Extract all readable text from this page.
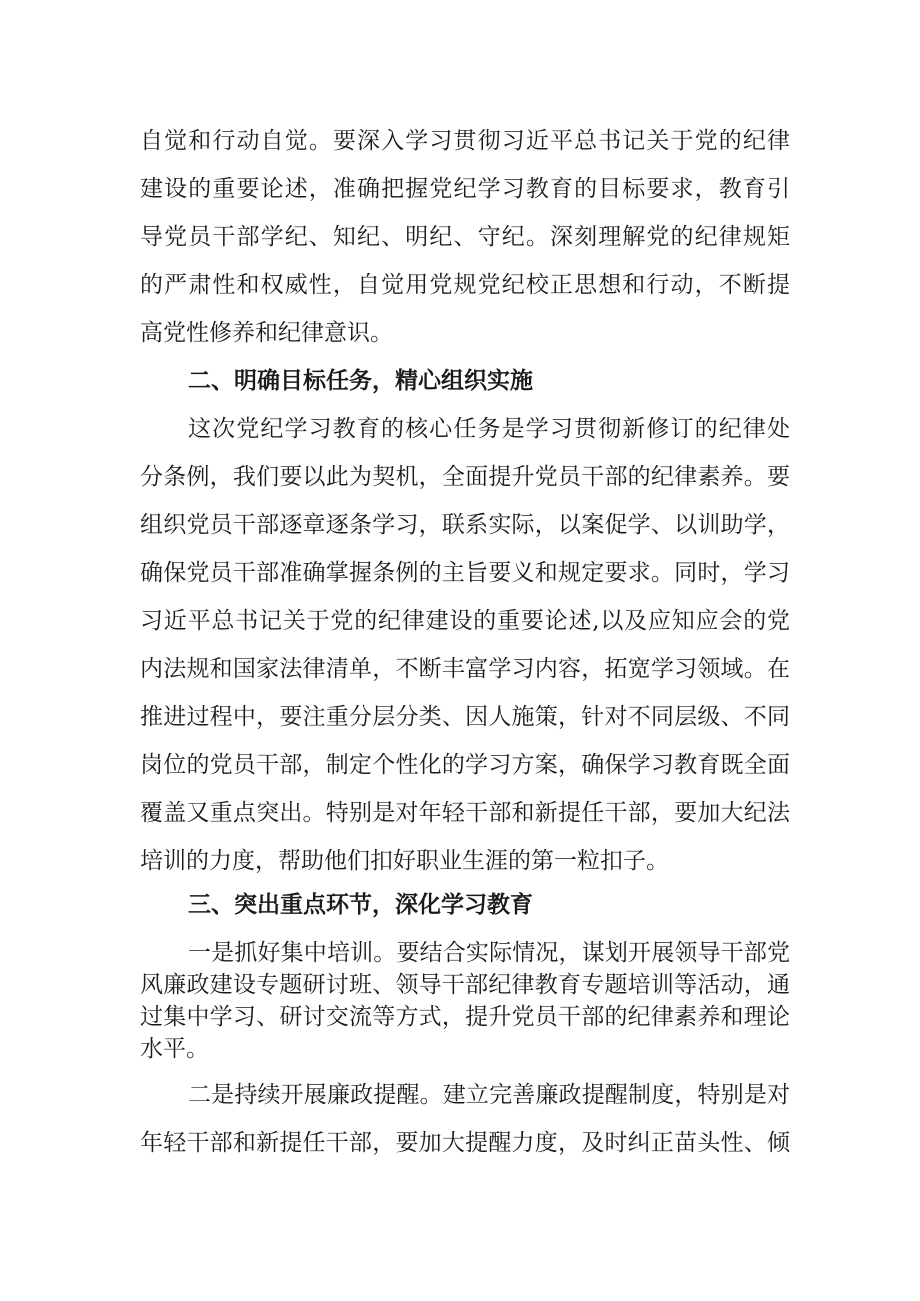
自觉和行动自觉。要深入学习贯彻习近平总书记关于党的纪律

建设的重要论述，准确把握党纪学习教育的目标要求，教育引

导党员干部学纪、知纪、明纪、守纪。深刻理解党的纪律规矩

的严肃性和权威性，自觉用党规党纪校正思想和行动，不断提

高党性修养和纪律意识。

二、明确目标任务，精心组织实施

这次党纪学习教育的核心任务是学习贯彻新修订的纪律处

分条例，我们要以此为契机，全面提升党员干部的纪律素养。要

组织党员干部逐章逐条学习，联系实际，以案促学、以训助学，

确保党员干部准确掌握条例的主旨要义和规定要求。同时，学习

习近平总书记关于党的纪律建设的重要论述,以及应知应会的党

内法规和国家法律清单，不断丰富学习内容，拓宽学习领域。在

推进过程中，要注重分层分类、因人施策，针对不同层级、不同

岗位的党员干部，制定个性化的学习方案，确保学习教育既全面

覆盖又重点突出。特别是对年轻干部和新提任干部，要加大纪法

培训的力度，帮助他们扣好职业生涯的第一粒扣子。

三、突出重点环节，深化学习教育

一是抓好集中培训。要结合实际情况，谋划开展领导干部党

风廉政建设专题研讨班、领导干部纪律教育专题培训等活动，通

过集中学习、研讨交流等方式，提升党员干部的纪律素养和理论

水平。

二是持续开展廉政提醒。建立完善廉政提醒制度，特别是对

年轻干部和新提任干部，要加大提醒力度，及时纠正苗头性、倾
